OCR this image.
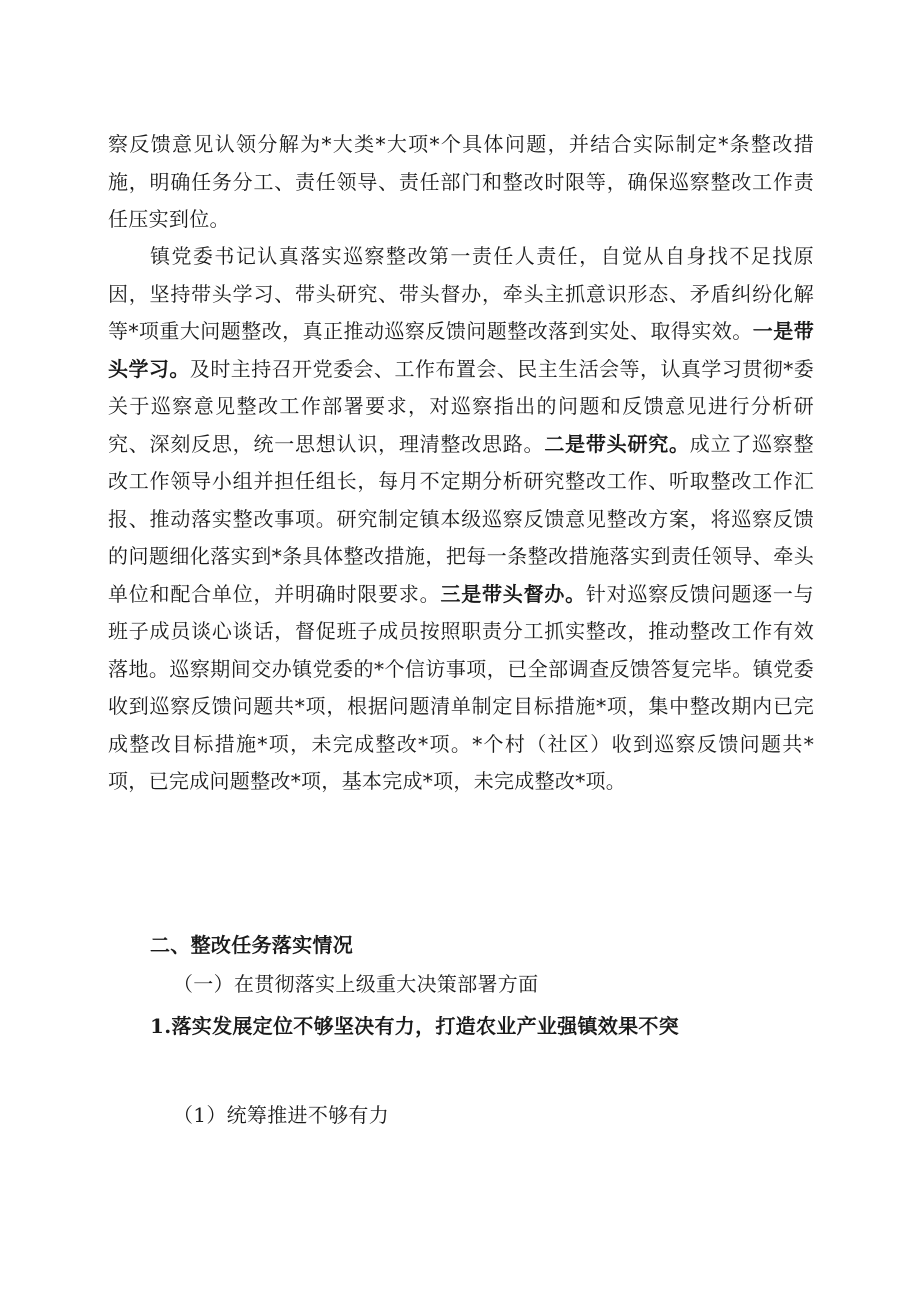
察反馈意见认领分解为*大类*大项*个具体问题，并结合实际制定*条整改措施，明确任务分工、责任领导、责任部门和整改时限等，确保巡察整改工作责任压实到位。

镇党委书记认真落实巡察整改第一责任人责任，自觉从自身找不足找原因，坚持带头学习、带头研究、带头督办，牵头主抓意识形态、矛盾纠纷化解等*项重大问题整改，真正推动巡察反馈问题整改落到实处、取得实效。一是带头学习。及时主持召开党委会、工作布置会、民主生活会等，认真学习贯彻*委关于巡察意见整改工作部署要求，对巡察指出的问题和反馈意见进行分析研究、深刻反思，统一思想认识，理清整改思路。二是带头研究。成立了巡察整改工作领导小组并担任组长，每月不定期分析研究整改工作、听取整改工作汇报、推动落实整改事项。研究制定镇本级巡察反馈意见整改方案，将巡察反馈的问题细化落实到*条具体整改措施，把每一条整改措施落实到责任领导、牵头单位和配合单位，并明确时限要求。三是带头督办。针对巡察反馈问题逐一与班子成员谈心谈话，督促班子成员按照职责分工抓实整改，推动整改工作有效落地。巡察期间交办镇党委的*个信访事项，已全部调查反馈答复完毕。镇党委收到巡察反馈问题共*项，根据问题清单制定目标措施*项，集中整改期内已完成整改目标措施*项，未完成整改*项。*个村（社区）收到巡察反馈问题共*项，已完成问题整改*项，基本完成*项，未完成整改*项。

二、整改任务落实情况
（一）在贯彻落实上级重大决策部署方面
1.落实发展定位不够坚决有力，打造农业产业强镇效果不突
（1）统筹推进不够有力
